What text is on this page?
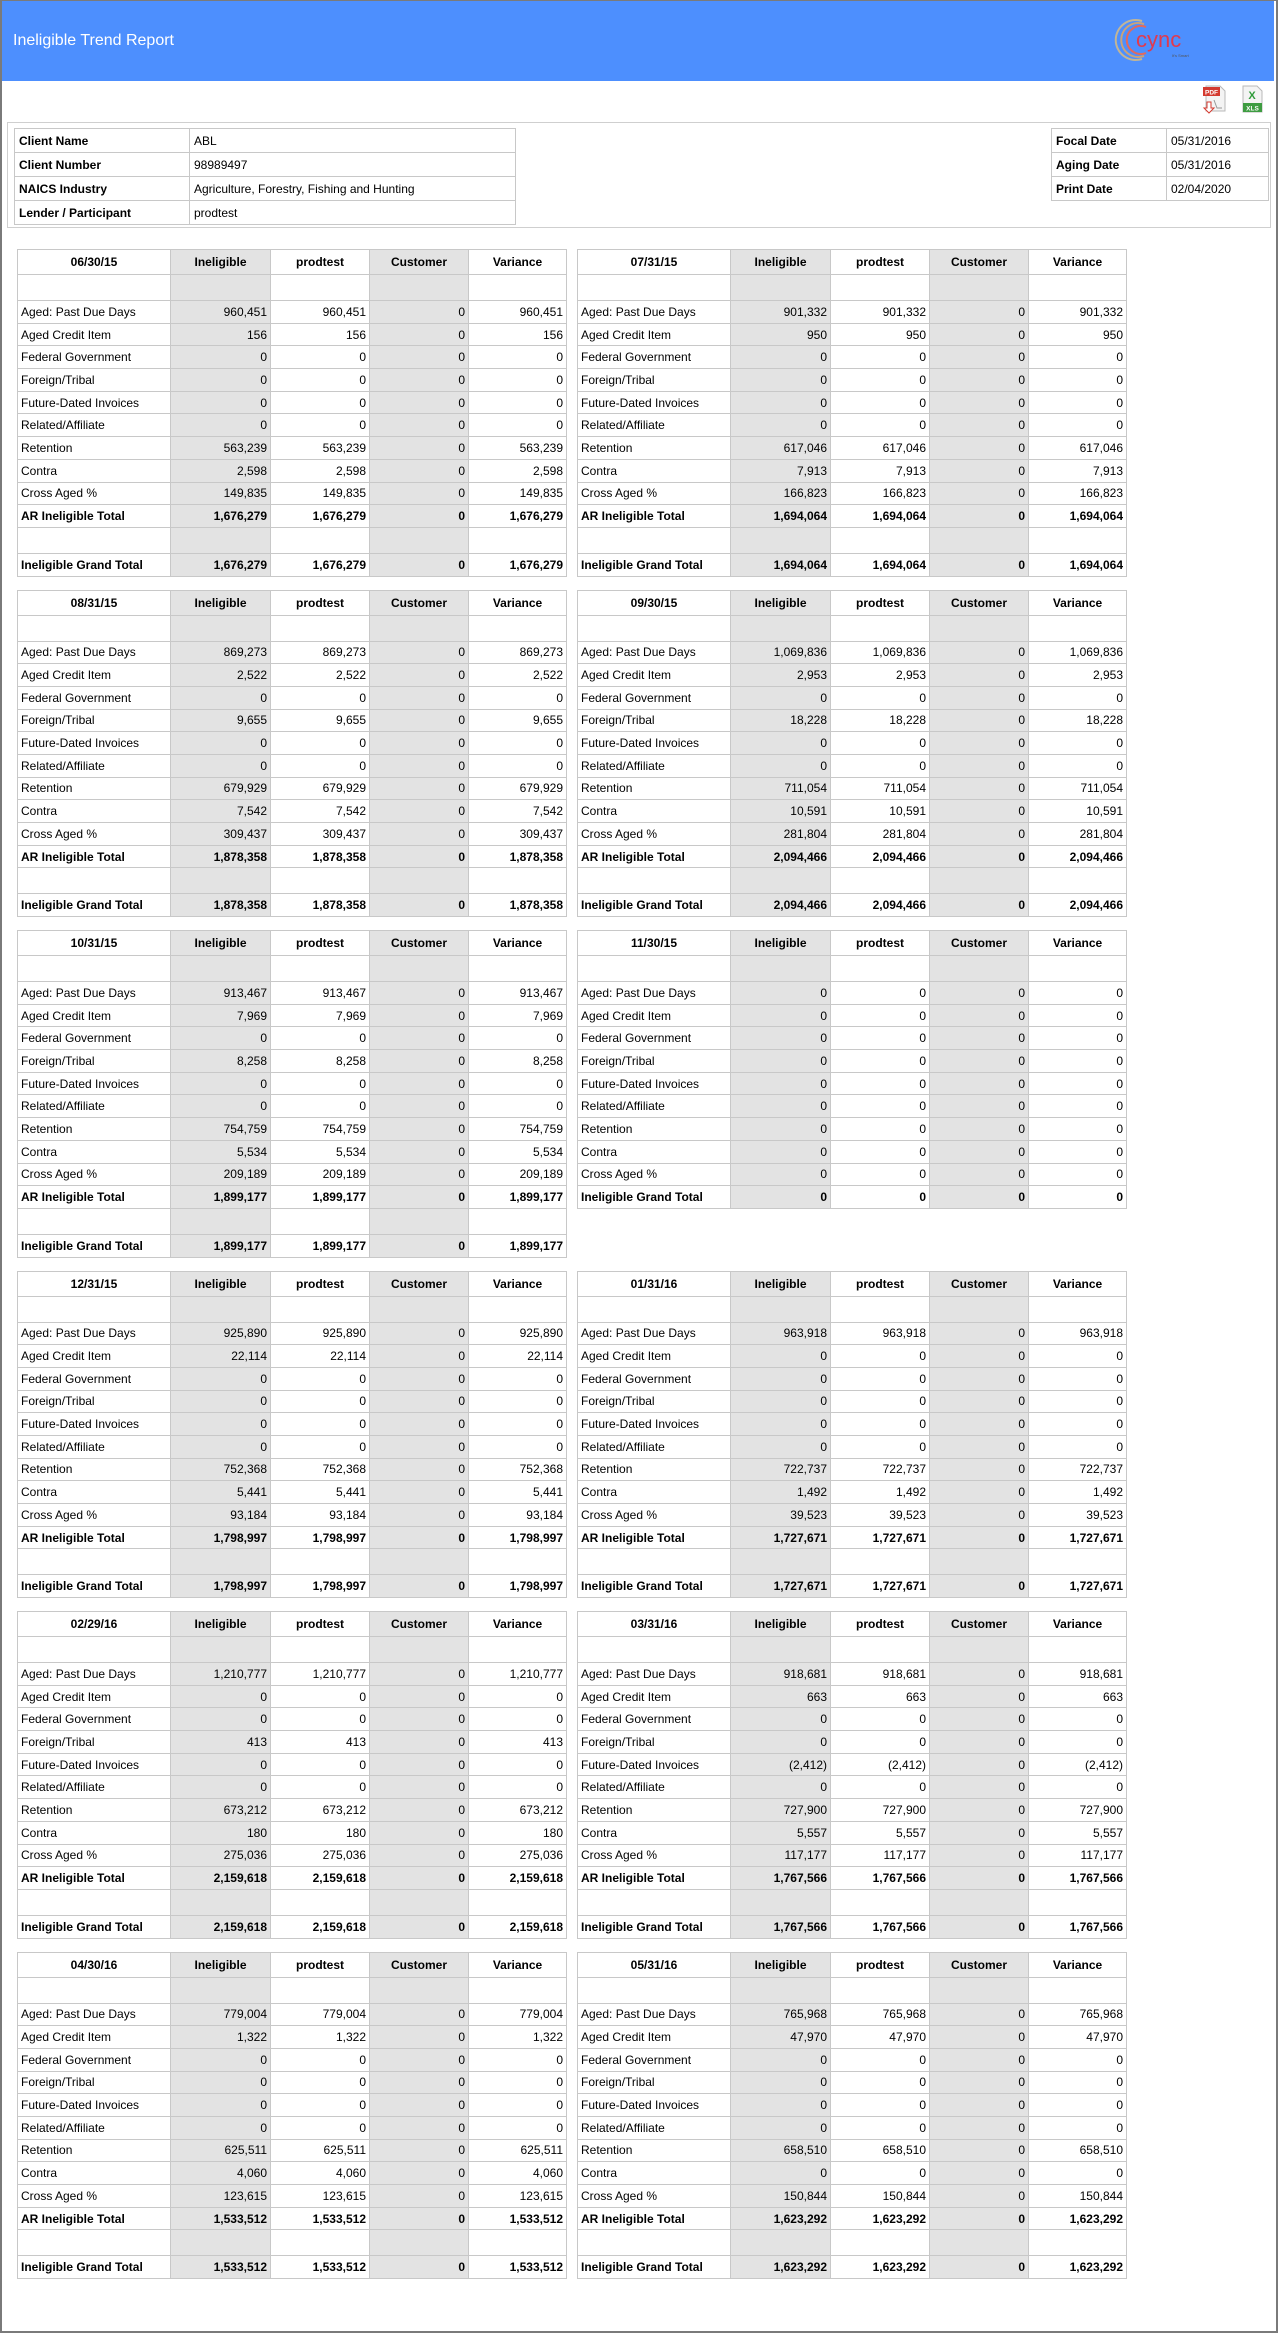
Ineligible Trend Report	cync
It's Smart
PDF	X
XLS
Client Name	ABL
Client Number	98989497
NAICS Industry	Agriculture, Forestry, Fishing and Hunting
Lender / Participant	prodtest
Focal Date	05/31/2016
Aging Date	05/31/2016
Print Date	02/04/2020
06/30/15	Ineligible	prodtest	Customer	Variance

Aged: Past Due Days	960,451	960,451	0	960,451
Aged Credit Item	156	156	0	156
Federal Government	0	0	0	0
Foreign/Tribal	0	0	0	0
Future-Dated Invoices	0	0	0	0
Related/Affiliate	0	0	0	0
Retention	563,239	563,239	0	563,239
Contra	2,598	2,598	0	2,598
Cross Aged %	149,835	149,835	0	149,835
AR Ineligible Total	1,676,279	1,676,279	0	1,676,279

Ineligible Grand Total	1,676,279	1,676,279	0	1,676,279
07/31/15	Ineligible	prodtest	Customer	Variance

Aged: Past Due Days	901,332	901,332	0	901,332
Aged Credit Item	950	950	0	950
Federal Government	0	0	0	0
Foreign/Tribal	0	0	0	0
Future-Dated Invoices	0	0	0	0
Related/Affiliate	0	0	0	0
Retention	617,046	617,046	0	617,046
Contra	7,913	7,913	0	7,913
Cross Aged %	166,823	166,823	0	166,823
AR Ineligible Total	1,694,064	1,694,064	0	1,694,064

Ineligible Grand Total	1,694,064	1,694,064	0	1,694,064
08/31/15	Ineligible	prodtest	Customer	Variance

Aged: Past Due Days	869,273	869,273	0	869,273
Aged Credit Item	2,522	2,522	0	2,522
Federal Government	0	0	0	0
Foreign/Tribal	9,655	9,655	0	9,655
Future-Dated Invoices	0	0	0	0
Related/Affiliate	0	0	0	0
Retention	679,929	679,929	0	679,929
Contra	7,542	7,542	0	7,542
Cross Aged %	309,437	309,437	0	309,437
AR Ineligible Total	1,878,358	1,878,358	0	1,878,358

Ineligible Grand Total	1,878,358	1,878,358	0	1,878,358
09/30/15	Ineligible	prodtest	Customer	Variance

Aged: Past Due Days	1,069,836	1,069,836	0	1,069,836
Aged Credit Item	2,953	2,953	0	2,953
Federal Government	0	0	0	0
Foreign/Tribal	18,228	18,228	0	18,228
Future-Dated Invoices	0	0	0	0
Related/Affiliate	0	0	0	0
Retention	711,054	711,054	0	711,054
Contra	10,591	10,591	0	10,591
Cross Aged %	281,804	281,804	0	281,804
AR Ineligible Total	2,094,466	2,094,466	0	2,094,466

Ineligible Grand Total	2,094,466	2,094,466	0	2,094,466
10/31/15	Ineligible	prodtest	Customer	Variance

Aged: Past Due Days	913,467	913,467	0	913,467
Aged Credit Item	7,969	7,969	0	7,969
Federal Government	0	0	0	0
Foreign/Tribal	8,258	8,258	0	8,258
Future-Dated Invoices	0	0	0	0
Related/Affiliate	0	0	0	0
Retention	754,759	754,759	0	754,759
Contra	5,534	5,534	0	5,534
Cross Aged %	209,189	209,189	0	209,189
AR Ineligible Total	1,899,177	1,899,177	0	1,899,177

Ineligible Grand Total	1,899,177	1,899,177	0	1,899,177
11/30/15	Ineligible	prodtest	Customer	Variance

Aged: Past Due Days	0	0	0	0
Aged Credit Item	0	0	0	0
Federal Government	0	0	0	0
Foreign/Tribal	0	0	0	0
Future-Dated Invoices	0	0	0	0
Related/Affiliate	0	0	0	0
Retention	0	0	0	0
Contra	0	0	0	0
Cross Aged %	0	0	0	0
Ineligible Grand Total	0	0	0	0
12/31/15	Ineligible	prodtest	Customer	Variance

Aged: Past Due Days	925,890	925,890	0	925,890
Aged Credit Item	22,114	22,114	0	22,114
Federal Government	0	0	0	0
Foreign/Tribal	0	0	0	0
Future-Dated Invoices	0	0	0	0
Related/Affiliate	0	0	0	0
Retention	752,368	752,368	0	752,368
Contra	5,441	5,441	0	5,441
Cross Aged %	93,184	93,184	0	93,184
AR Ineligible Total	1,798,997	1,798,997	0	1,798,997

Ineligible Grand Total	1,798,997	1,798,997	0	1,798,997
01/31/16	Ineligible	prodtest	Customer	Variance

Aged: Past Due Days	963,918	963,918	0	963,918
Aged Credit Item	0	0	0	0
Federal Government	0	0	0	0
Foreign/Tribal	0	0	0	0
Future-Dated Invoices	0	0	0	0
Related/Affiliate	0	0	0	0
Retention	722,737	722,737	0	722,737
Contra	1,492	1,492	0	1,492
Cross Aged %	39,523	39,523	0	39,523
AR Ineligible Total	1,727,671	1,727,671	0	1,727,671

Ineligible Grand Total	1,727,671	1,727,671	0	1,727,671
02/29/16	Ineligible	prodtest	Customer	Variance

Aged: Past Due Days	1,210,777	1,210,777	0	1,210,777
Aged Credit Item	0	0	0	0
Federal Government	0	0	0	0
Foreign/Tribal	413	413	0	413
Future-Dated Invoices	0	0	0	0
Related/Affiliate	0	0	0	0
Retention	673,212	673,212	0	673,212
Contra	180	180	0	180
Cross Aged %	275,036	275,036	0	275,036
AR Ineligible Total	2,159,618	2,159,618	0	2,159,618

Ineligible Grand Total	2,159,618	2,159,618	0	2,159,618
03/31/16	Ineligible	prodtest	Customer	Variance

Aged: Past Due Days	918,681	918,681	0	918,681
Aged Credit Item	663	663	0	663
Federal Government	0	0	0	0
Foreign/Tribal	0	0	0	0
Future-Dated Invoices	(2,412)	(2,412)	0	(2,412)
Related/Affiliate	0	0	0	0
Retention	727,900	727,900	0	727,900
Contra	5,557	5,557	0	5,557
Cross Aged %	117,177	117,177	0	117,177
AR Ineligible Total	1,767,566	1,767,566	0	1,767,566

Ineligible Grand Total	1,767,566	1,767,566	0	1,767,566
04/30/16	Ineligible	prodtest	Customer	Variance

Aged: Past Due Days	779,004	779,004	0	779,004
Aged Credit Item	1,322	1,322	0	1,322
Federal Government	0	0	0	0
Foreign/Tribal	0	0	0	0
Future-Dated Invoices	0	0	0	0
Related/Affiliate	0	0	0	0
Retention	625,511	625,511	0	625,511
Contra	4,060	4,060	0	4,060
Cross Aged %	123,615	123,615	0	123,615
AR Ineligible Total	1,533,512	1,533,512	0	1,533,512

Ineligible Grand Total	1,533,512	1,533,512	0	1,533,512
05/31/16	Ineligible	prodtest	Customer	Variance

Aged: Past Due Days	765,968	765,968	0	765,968
Aged Credit Item	47,970	47,970	0	47,970
Federal Government	0	0	0	0
Foreign/Tribal	0	0	0	0
Future-Dated Invoices	0	0	0	0
Related/Affiliate	0	0	0	0
Retention	658,510	658,510	0	658,510
Contra	0	0	0	0
Cross Aged %	150,844	150,844	0	150,844
AR Ineligible Total	1,623,292	1,623,292	0	1,623,292

Ineligible Grand Total	1,623,292	1,623,292	0	1,623,292
